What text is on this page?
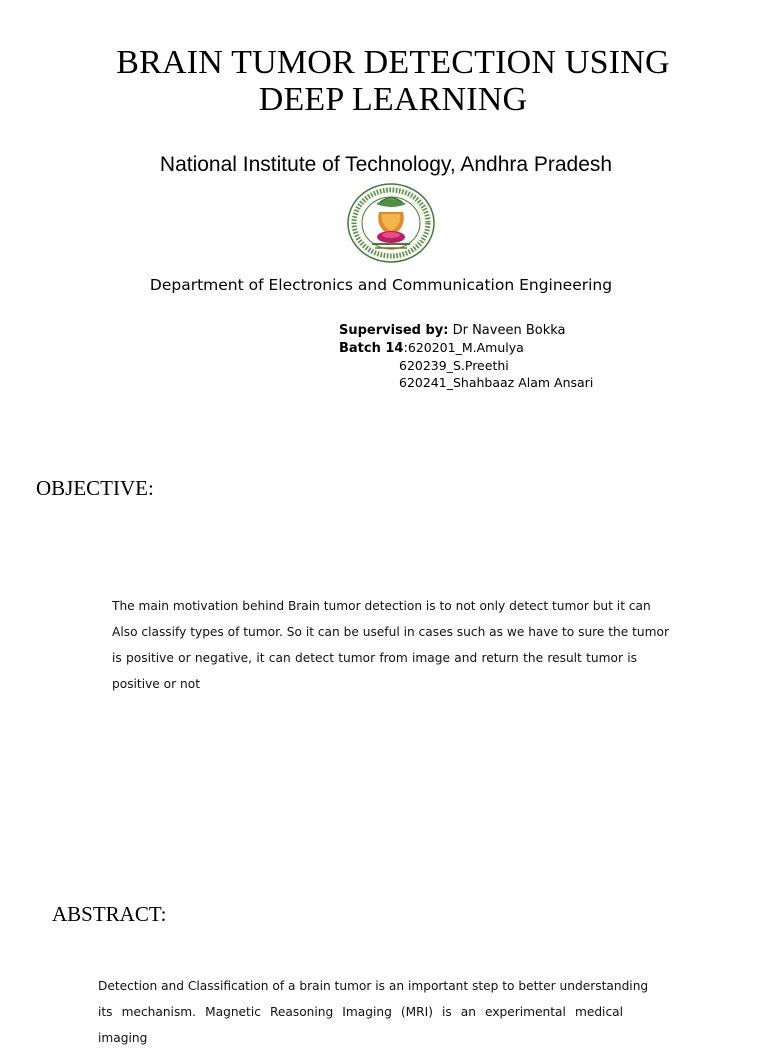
BRAIN TUMOR DETECTION USING
DEEP LEARNING
National Institute of Technology, Andhra Pradesh
Department of Electronics and Communication Engineering
Supervised by: Dr Naveen Bokka
Batch 14:620201_M.Amulya
620239_S.Preethi
620241_Shahbaaz Alam Ansari
OBJECTIVE:
The main motivation behind Brain tumor detection is to not only detect tumor but it can
Also classify types of tumor. So it can be useful in cases such as we have to sure the tumor
is positive or negative, it can detect tumor from image and return the result tumor is
positive or not
ABSTRACT:
Detection and Classification of a brain tumor is an important step to better understanding
its mechanism. Magnetic Reasoning Imaging (MRI) is an experimental medical imaging
